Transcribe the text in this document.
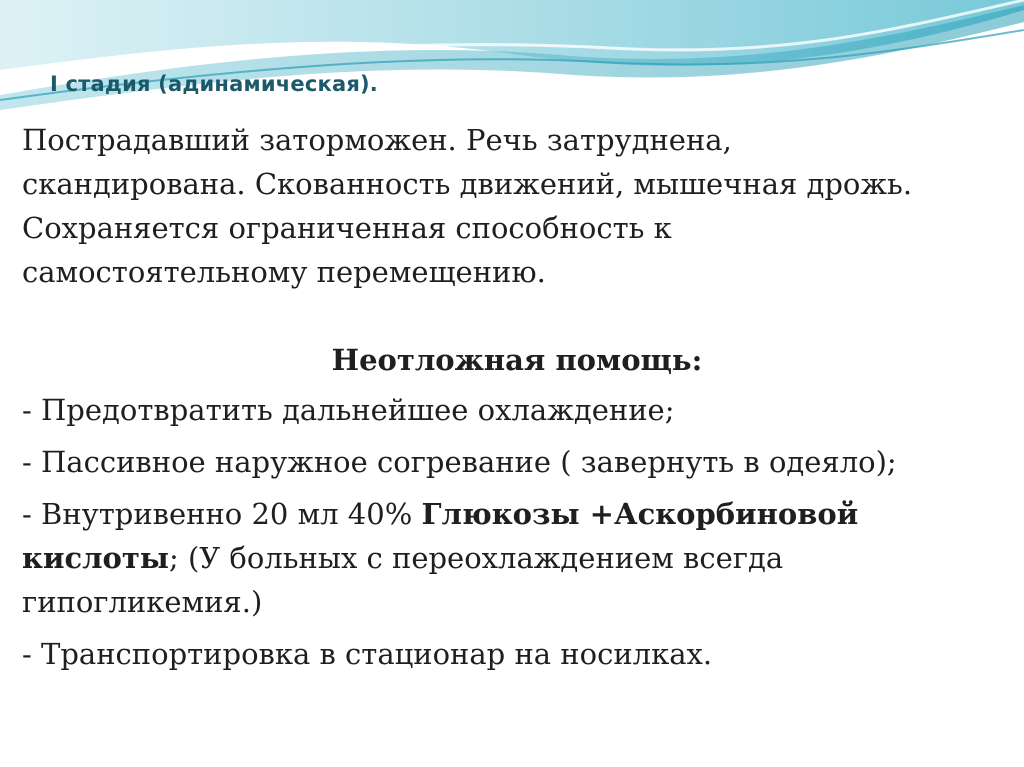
I стадия (адинамическая).

Пострадавший заторможен. Речь затруднена,

скандирована. Скованность движений, мышечная дрожь.

Сохраняется ограниченная способность к

самостоятельному перемещению.

Неотложная помощь:

- Предотвратить дальнейшее охлаждение;

- Пассивное наружное согревание ( завернуть в одеяло);

- Внутривенно 20 мл 40% Глюкозы +Аскорбиновой
кислоты; (У больных с переохлаждением всегда
гипогликемия.)

- Транспортировка в стационар на носилках.
